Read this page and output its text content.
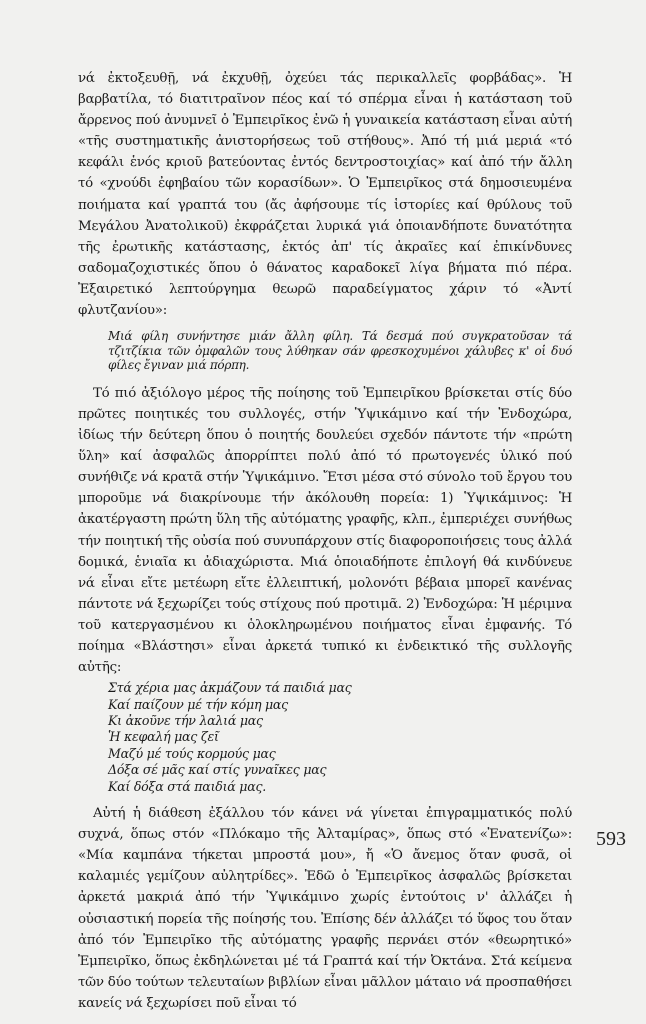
νά ἐκτοξευθῇ, νά ἐκχυθῇ, ὀχεύει τάς περικαλλεῖς φορβάδας». Ἡ βαρβατίλα, τό διατιτραῖνον πέος καί τό σπέρμα εἶναι ἡ κατάσταση τοῦ ἄρρενος πού ἀνυμνεῖ ὁ Ἐμπειρῖκος ἐνῶ ἡ γυναικεία κατάσταση εἶναι αὐτή «τῆς συστηματικῆς ἀνιστορήσεως τοῦ στήθους». Ἀπό τή μιά μεριά «τό κεφάλι ἑνός κριοῦ βατεύοντας ἐντός δεντροστοιχίας» καί ἀπό τήν ἄλλη τό «χνούδι ἐφηβαίου τῶν κορασίδων». Ὁ Ἐμπειρῖκος στά δημοσιευμένα ποιήματα καί γραπτά του (ἄς ἀφήσουμε τίς ἱστορίες καί θρύλους τοῦ Μεγάλου Ἀνατολικοῦ) ἐκφράζεται λυρικά γιά ὁποιανδήποτε δυνατότητα τῆς ἐρωτικῆς κατάστασης, ἐκτός ἀπ' τίς ἀκραῖες καί ἐπικίνδυνες σαδομαζοχιστικές ὅπου ὁ θάνατος καραδοκεῖ λίγα βήματα πιό πέρα. Ἐξαιρετικό λεπτούργημα θεωρῶ παραδείγματος χάριν τό «Ἀντί φλυτζανίου»:

Μιά φίλη συνήντησε μιάν ἄλλη φίλη. Τά δεσμά πού συγκρατοῦσαν τά τζιτζίκια τῶν ὀμφαλῶν τους λύθηκαν σάν φρεσκοχυμένοι χάλυβες κ' οἱ δυό φίλες ἔγιναν μιά πόρπη.

Τό πιό ἀξιόλογο μέρος τῆς ποίησης τοῦ Ἐμπειρῖκου βρίσκεται στίς δύο πρῶτες ποιητικές του συλλογές, στήν Ὑψικάμινο καί τήν Ἐνδοχώρα, ἰδίως τήν δεύτερη ὅπου ὁ ποιητής δουλεύει σχεδόν πάντοτε τήν «πρώτη ὕλη» καί ἀσφαλῶς ἀπορρίπτει πολύ ἀπό τό πρωτογενές ὑλικό πού συνήθιζε νά κρατᾶ στήν Ὑψικάμινο. Ἔτσι μέσα στό σύνολο τοῦ ἔργου του μποροῦμε νά διακρίνουμε τήν ἀκόλουθη πορεία: 1) Ὑψικάμινος: Ἡ ἀκατέργαστη πρώτη ὕλη τῆς αὐτόματης γραφῆς, κλπ., ἐμπεριέχει συνήθως τήν ποιητική τῆς οὐσία πού συνυπάρχουν στίς διαφοροποιήσεις τους ἀλλά δομικά, ἑνιαῖα κι ἀδιαχώριστα. Μιά ὁποιαδήποτε ἐπιλογή θά κινδύνευε νά εἶναι εἴτε μετέωρη εἴτε ἐλλειπτική, μολονότι βέβαια μπορεῖ κανένας πάντοτε νά ξεχωρίζει τούς στίχους πού προτιμᾶ. 2) Ἐνδοχώρα: Ἡ μέριμνα τοῦ κατεργασμένου κι ὁλοκληρωμένου ποιήματος εἶναι ἐμφανής. Τό ποίημα «Βλάστησι» εἶναι ἀρκετά τυπικό κι ἐνδεικτικό τῆς συλλογῆς αὐτῆς:

Στά χέρια μας ἀκμάζουν τά παιδιά μας
Καί παίζουν μέ τήν κόμη μας
Κι ἀκοῦνε τήν λαλιά μας
Ἡ κεφαλή μας ζεῖ
Μαζύ μέ τούς κορμούς μας
Δόξα σέ μᾶς καί στίς γυναῖκες μας
Καί δόξα στά παιδιά μας.

Αὐτή ἡ διάθεση ἐξάλλου τόν κάνει νά γίνεται ἐπιγραμματικός πολύ συχνά, ὅπως στόν «Πλόκαμο τῆς Ἀλταμίρας», ὅπως στό «Ἐνατενίζω»: «Μία καμπάνα τήκεται μπροστά μου», ἤ «Ὁ ἄνεμος ὅταν φυσᾶ, οἱ καλαμιές γεμίζουν αὐλητρίδες». Ἐδῶ ὁ Ἐμπειρῖκος ἀσφαλῶς βρίσκεται ἀρκετά μακριά ἀπό τήν Ὑψικάμινο χωρίς ἐντούτοις ν' ἀλλάζει ἡ οὐσιαστική πορεία τῆς ποίησής του. Ἐπίσης δέν ἀλλάζει τό ὕφος του ὅταν ἀπό τόν Ἐμπειρῖκο τῆς αὐτόματης γραφῆς περνάει στόν «θεωρητικό» Ἐμπειρῖκο, ὅπως ἐκδηλώνεται μέ τά Γραπτά καί τήν Ὀκτάνα. Στά κείμενα τῶν δύο τούτων τελευταίων βιβλίων εἶναι μᾶλλον μάταιο νά προσπαθήσει κανείς νά ξεχωρίσει ποῦ εἶναι τό

593
